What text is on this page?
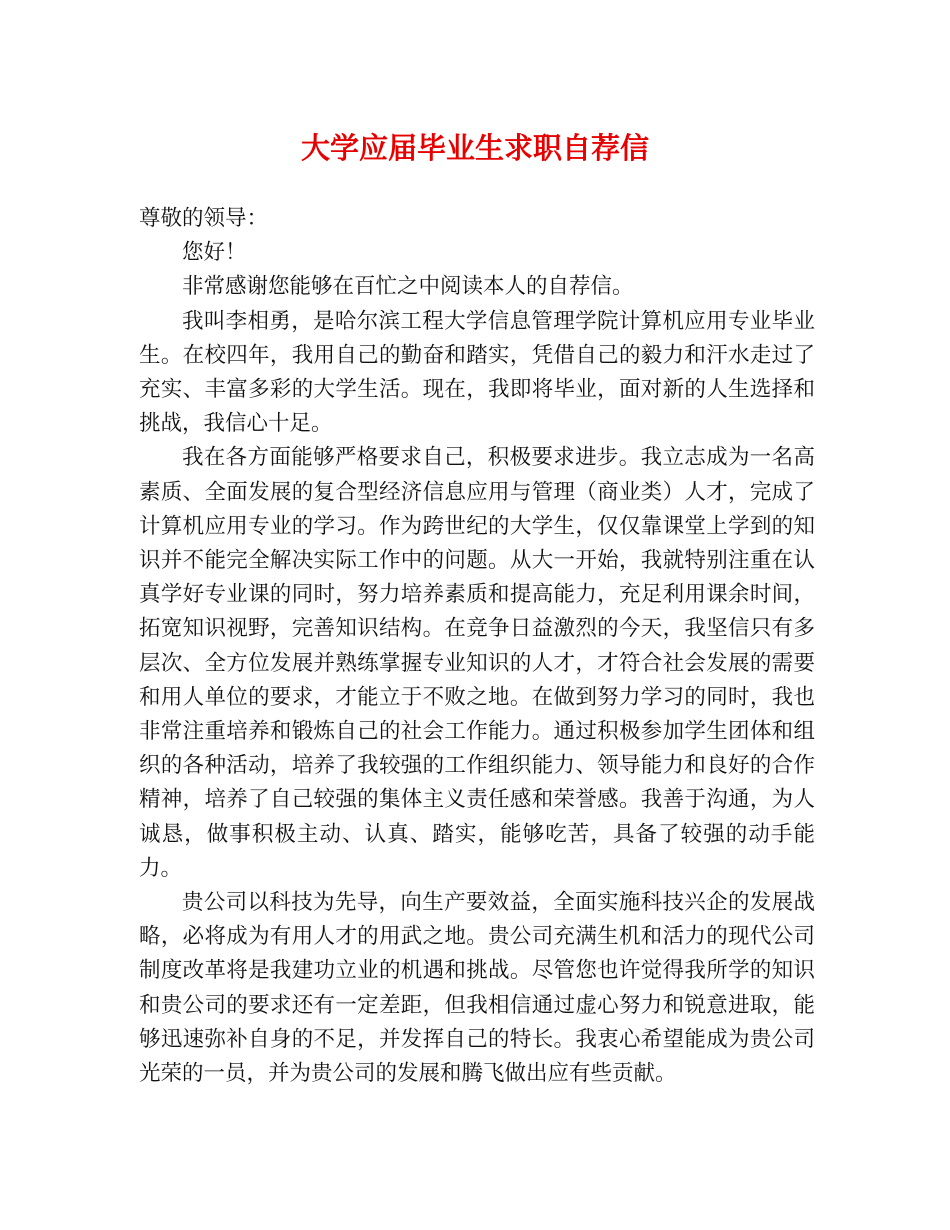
大学应届毕业生求职自荐信

尊敬的领导：

您好！

非常感谢您能够在百忙之中阅读本人的自荐信。

我叫李相勇，是哈尔滨工程大学信息管理学院计算机应用专业毕业生。在校四年，我用自己的勤奋和踏实，凭借自己的毅力和汗水走过了充实、丰富多彩的大学生活。现在，我即将毕业，面对新的人生选择和挑战，我信心十足。

我在各方面能够严格要求自己，积极要求进步。我立志成为一名高素质、全面发展的复合型经济信息应用与管理（商业类）人才，完成了计算机应用专业的学习。作为跨世纪的大学生，仅仅靠课堂上学到的知识并不能完全解决实际工作中的问题。从大一开始，我就特别注重在认真学好专业课的同时，努力培养素质和提高能力，充足利用课余时间，拓宽知识视野，完善知识结构。在竞争日益激烈的今天，我坚信只有多层次、全方位发展并熟练掌握专业知识的人才，才符合社会发展的需要和用人单位的要求，才能立于不败之地。在做到努力学习的同时，我也非常注重培养和锻炼自己的社会工作能力。通过积极参加学生团体和组织的各种活动，培养了我较强的工作组织能力、领导能力和良好的合作精神，培养了自己较强的集体主义责任感和荣誉感。我善于沟通，为人诚恳，做事积极主动、认真、踏实，能够吃苦，具备了较强的动手能力。

贵公司以科技为先导，向生产要效益，全面实施科技兴企的发展战略，必将成为有用人才的用武之地。贵公司充满生机和活力的现代公司制度改革将是我建功立业的机遇和挑战。尽管您也许觉得我所学的知识和贵公司的要求还有一定差距，但我相信通过虚心努力和锐意进取，能够迅速弥补自身的不足，并发挥自己的特长。我衷心希望能成为贵公司光荣的一员，并为贵公司的发展和腾飞做出应有些贡献。
